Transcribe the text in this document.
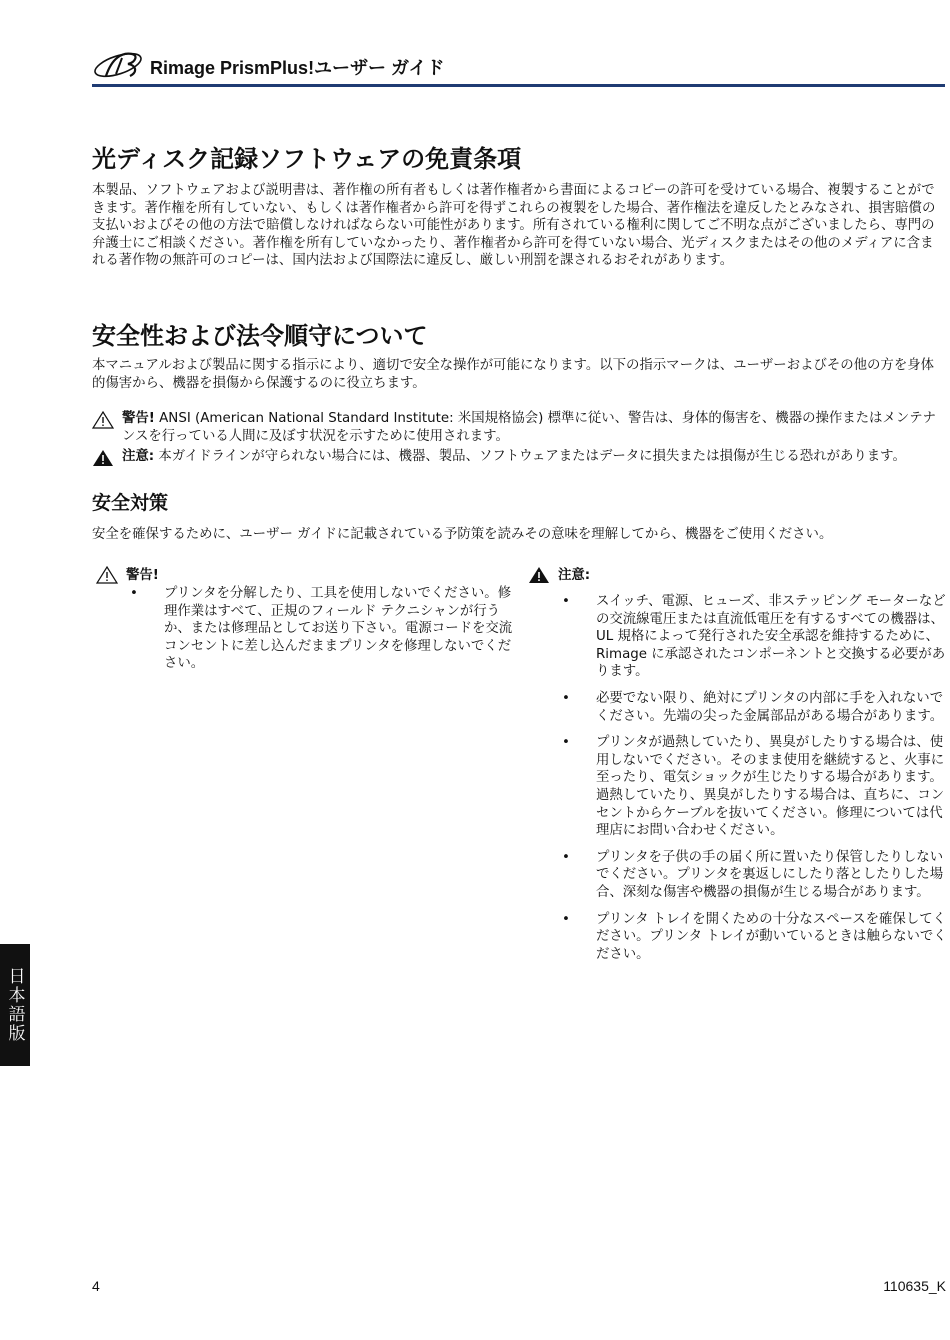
Rimage PrismPlus!ユーザー ガイド
光ディスク記録ソフトウェアの免責条項

本製品、ソフトウェアおよび説明書は、著作権の所有者もしくは著作権者から書面によるコピーの許可を受けている場合、複製することができます。著作権を所有していない、もしくは著作権者から許可を得ずこれらの複製をした場合、著作権法を違反したとみなされ、損害賠償の支払いおよびその他の方法で賠償しなければならない可能性があります。所有されている権利に関してご不明な点がございましたら、専門の弁護士にご相談ください。著作権を所有していなかったり、著作権者から許可を得ていない場合、光ディスクまたはその他のメディアに含まれる著作物の無許可のコピーは、国内法および国際法に違反し、厳しい刑罰を課されるおそれがあります。

安全性および法令順守について

本マニュアルおよび製品に関する指示により、適切で安全な操作が可能になります。以下の指示マークは、ユーザーおよびその他の方を身体的傷害から、機器を損傷から保護するのに役立ちます。

警告! ANSI (American National Standard Institute: 米国規格協会) 標準に従い、警告は、身体的傷害を、機器の操作またはメンテナンスを行っている人間に及ぼす状況を示すために使用されます。
注意: 本ガイドラインが守られない場合には、機器、製品、ソフトウェアまたはデータに損失または損傷が生じる恐れがあります。
安全対策

安全を確保するために、ユーザー ガイドに記載されている予防策を読みその意味を理解してから、機器をご使用ください。

警告!
• プリンタを分解したり、工具を使用しないでください。修理作業はすべて、正規のフィールド テクニシャンが行うか、または修理品としてお送り下さい。電源コードを交流コンセントに差し込んだままプリンタを修理しないでください。
注意:
• スイッチ、電源、ヒューズ、非ステッピング モーターなどの交流線電圧または直流低電圧を有するすべての機器は、UL 規格によって発行された安全承認を維持するために、Rimage に承認されたコンポーネントと交換する必要があります。
• 必要でない限り、絶対にプリンタの内部に手を入れないでください。先端の尖った金属部品がある場合があります。
• プリンタが過熱していたり、異臭がしたりする場合は、使用しないでください。そのまま使用を継続すると、火事に至ったり、電気ショックが生じたりする場合があります。過熱していたり、異臭がしたりする場合は、直ちに、コンセントからケーブルを抜いてください。修理については代理店にお問い合わせください。
• プリンタを子供の手の届く所に置いたり保管したりしないでください。プリンタを裏返しにしたり落としたりした場合、深刻な傷害や機器の損傷が生じる場合があります。
• プリンタ トレイを開くための十分なスペースを確保してください。プリンタ トレイが動いているときは触らないでください。
日本語版
4	110635_K
